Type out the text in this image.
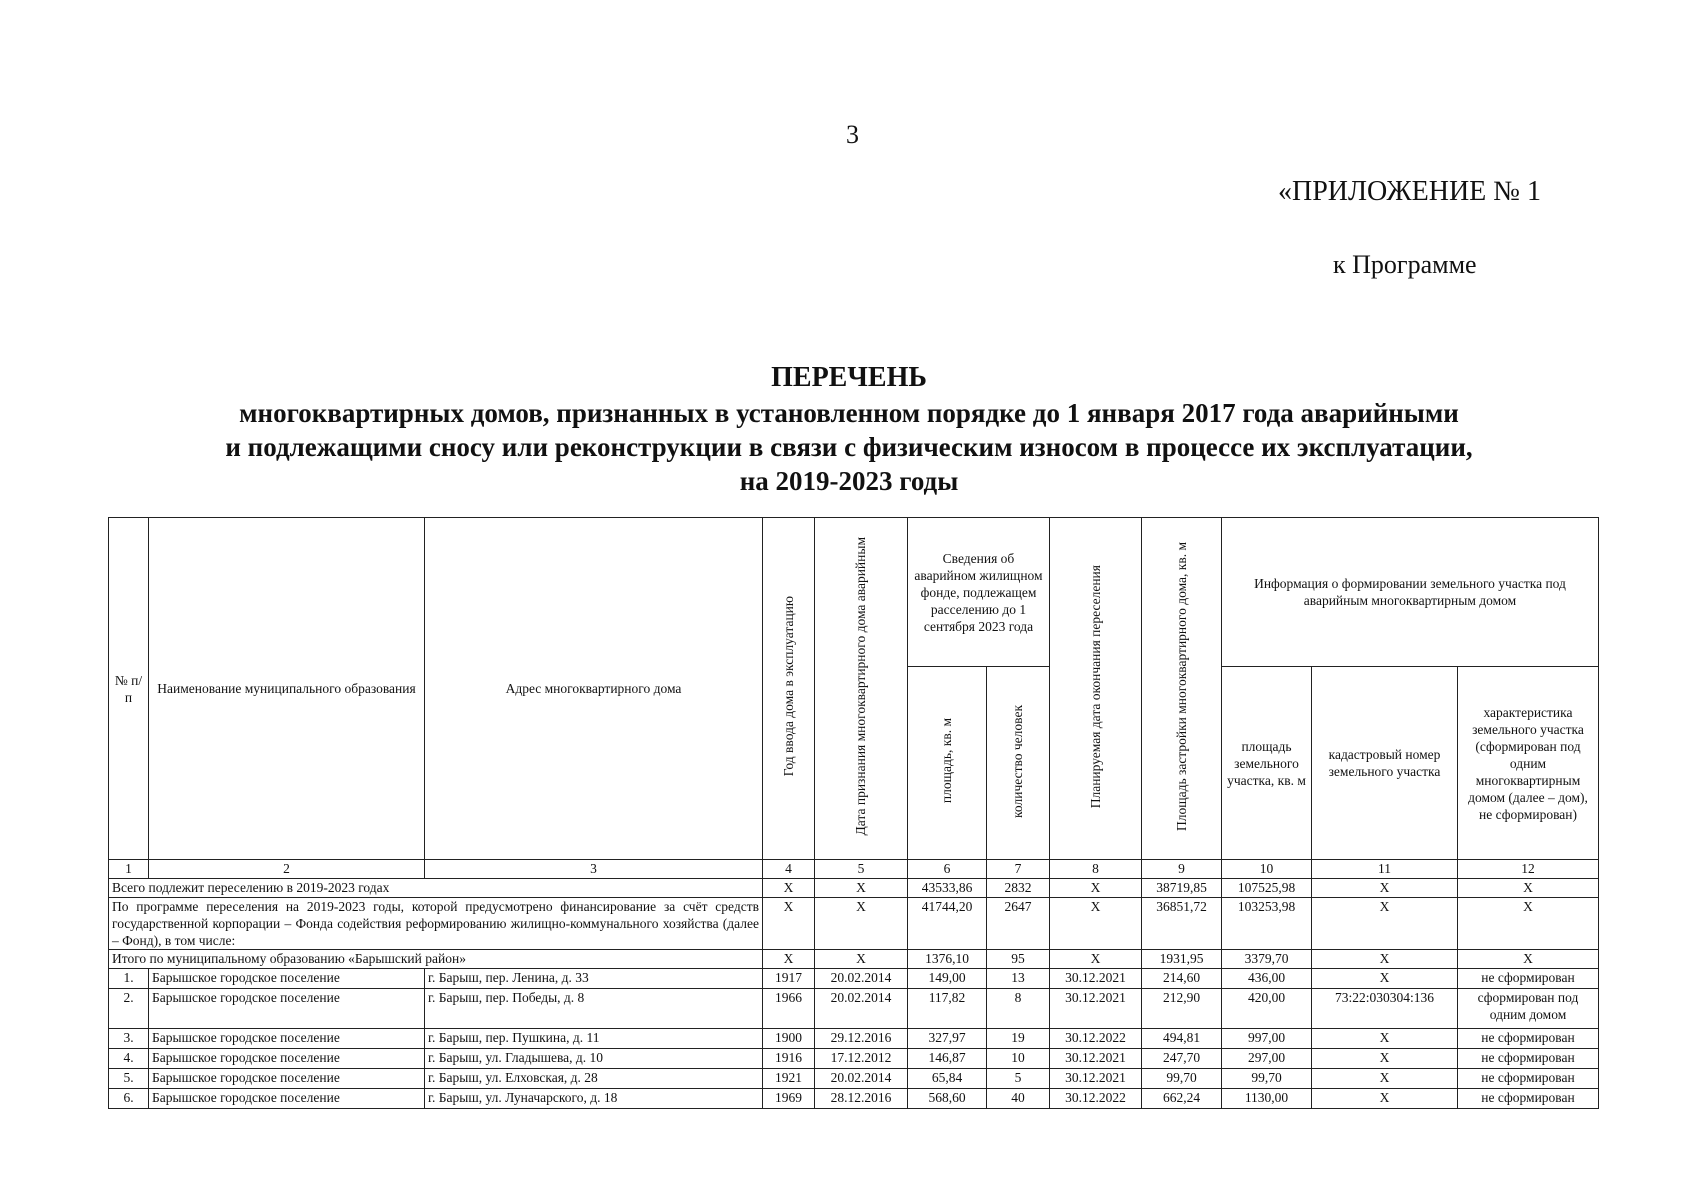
3
«ПРИЛОЖЕНИЕ № 1
к Программе
ПЕРЕЧЕНЬ
многоквартирных домов, признанных в установленном порядке до 1 января 2017 года аварийными
и подлежащими сносу или реконструкции в связи с физическим износом в процессе их эксплуатации,
на 2019-2023 годы
№ п/п	Наименование муниципального образования	Адрес многоквартирного дома	Год ввода дома в эксплуатацию	Дата признания многоквартирного дома аварийным	Сведения об аварийном жилищном фонде, подлежащем расселению до 1 сентября 2023 года		Планируемая дата окончания переселения	Площадь застройки многоквартирного дома, кв. м	Информация о формировании земельного участка под аварийным многоквартирным домом		
					площадь, кв. м	количество человек			площадь земельного участка, кв. м	кадастровый номер земельного участка	характеристика земельного участка (сформирован под одним многоквартирным домом (далее – дом), не сформирован)
1	2	3	4	5	6	7	8	9	10	11	12
Всего подлежит переселению в 2019-2023 годах			X	X	43533,86	2832	X	38719,85	107525,98	X	X
По программе переселения на 2019-2023 годы, которой предусмотрено финансирование за счёт средств государственной корпорации – Фонда содействия реформированию жилищно-коммунального хозяйства (далее – Фонд), в том числе:			X	X	41744,20	2647	X	36851,72	103253,98	X	X
Итого по муниципальному образованию «Барышский район»			X	X	1376,10	95	X	1931,95	3379,70	X	X
1.	Барышское городское поселение	г. Барыш, пер. Ленина, д. 33	1917	20.02.2014	149,00	13	30.12.2021	214,60	436,00	X	не сформирован
2.	Барышское городское поселение	г. Барыш, пер. Победы, д. 8	1966	20.02.2014	117,82	8	30.12.2021	212,90	420,00	73:22:030304:136	сформирован под одним домом
3.	Барышское городское поселение	г. Барыш, пер. Пушкина, д. 11	1900	29.12.2016	327,97	19	30.12.2022	494,81	997,00	X	не сформирован
4.	Барышское городское поселение	г. Барыш, ул. Гладышева, д. 10	1916	17.12.2012	146,87	10	30.12.2021	247,70	297,00	X	не сформирован
5.	Барышское городское поселение	г. Барыш, ул. Елховская, д. 28	1921	20.02.2014	65,84	5	30.12.2021	99,70	99,70	X	не сформирован
6.	Барышское городское поселение	г. Барыш, ул. Луначарского, д. 18	1969	28.12.2016	568,60	40	30.12.2022	662,24	1130,00	X	не сформирован
